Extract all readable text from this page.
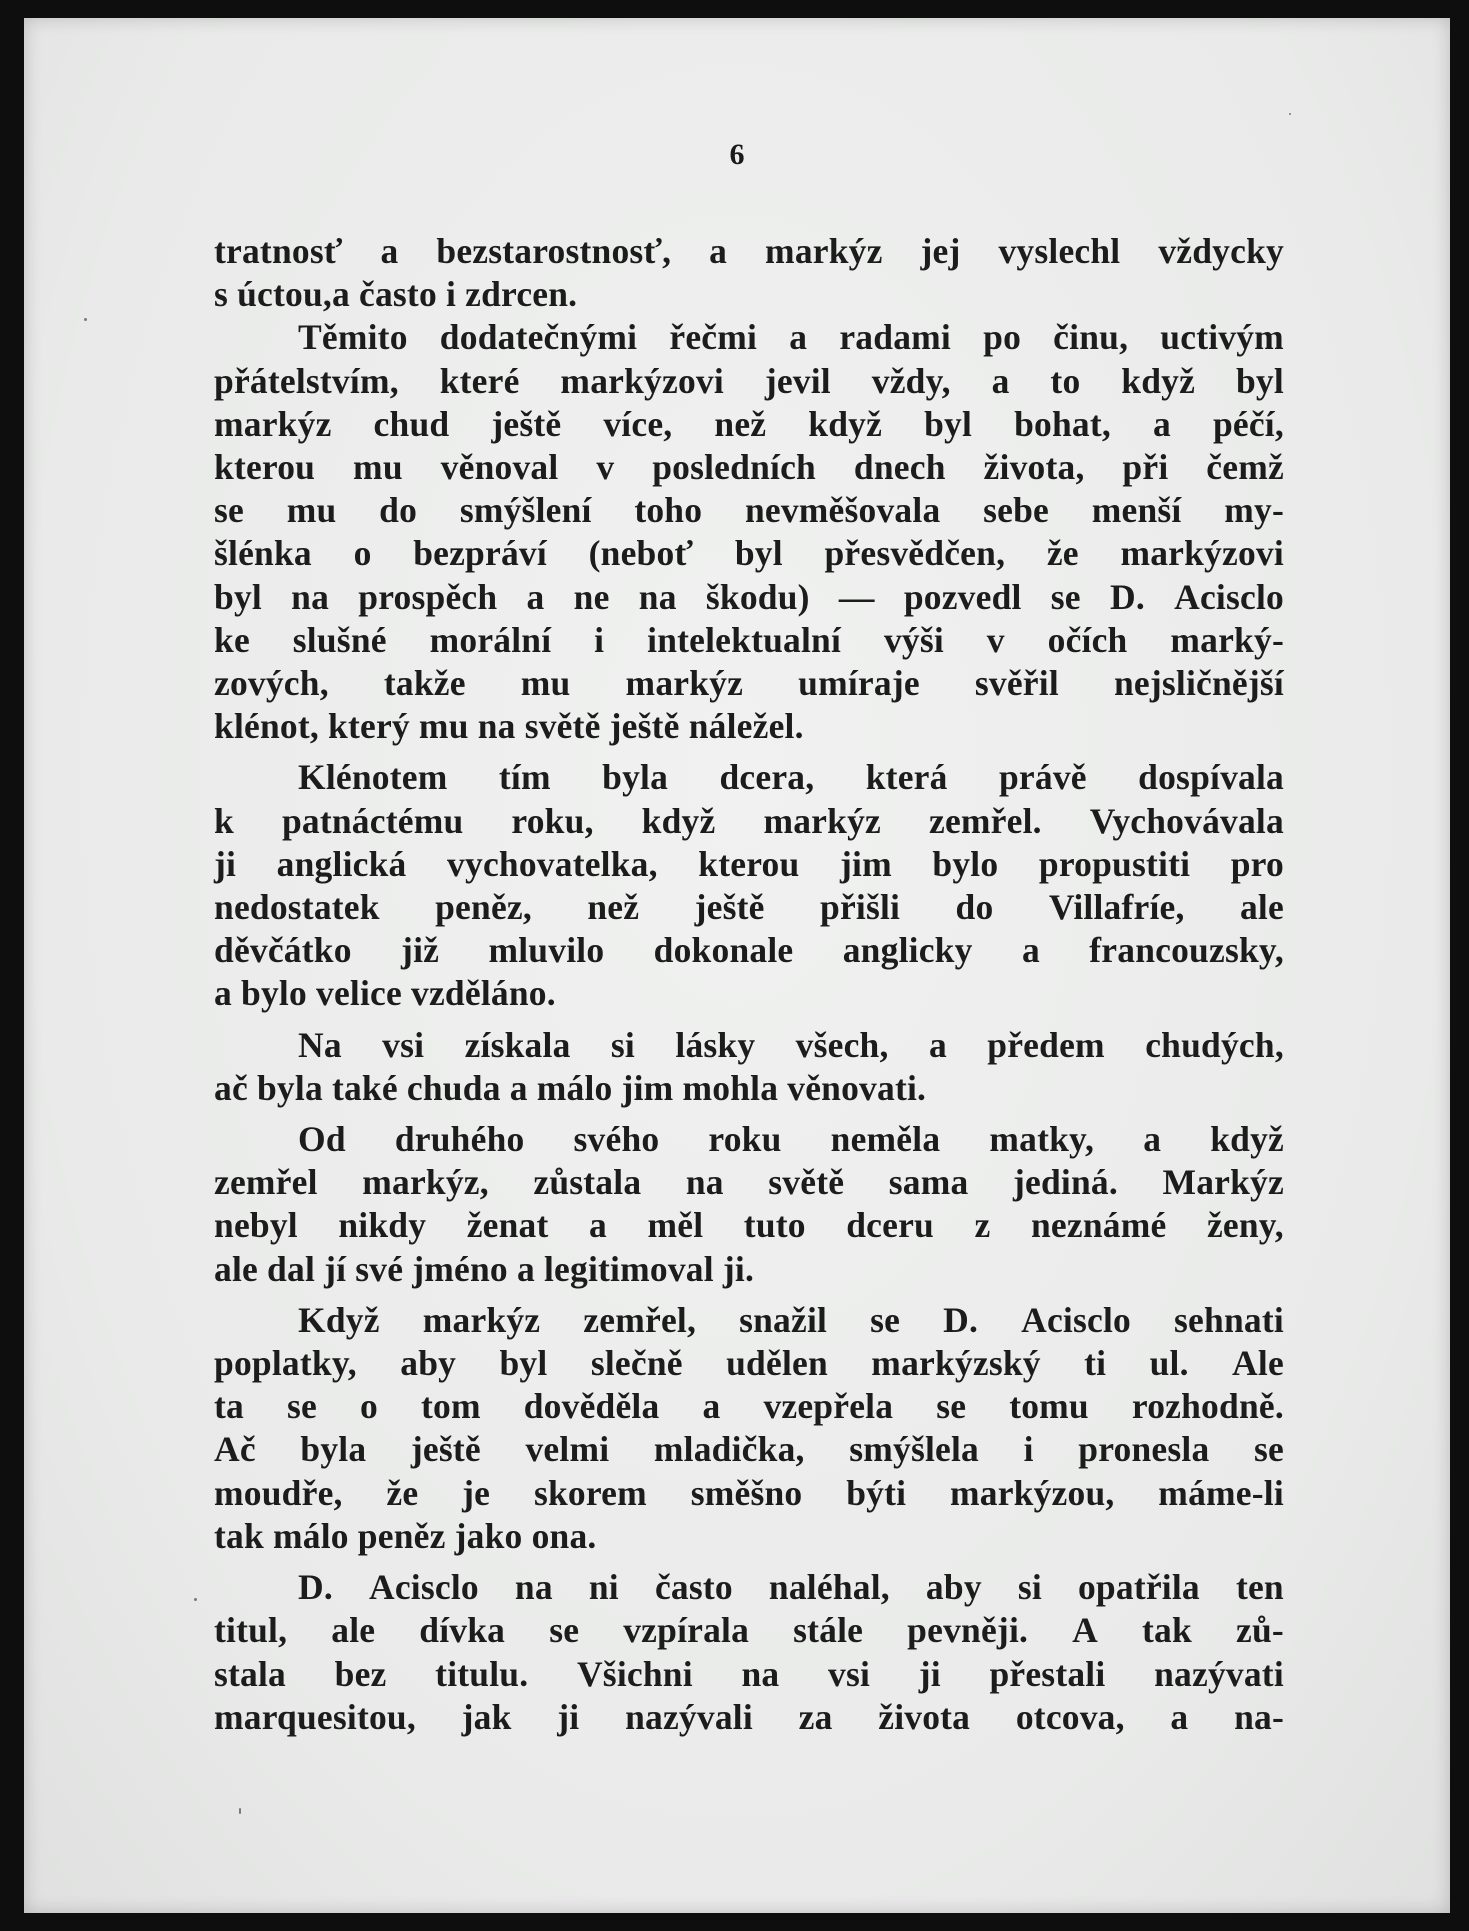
6
tratnosť a bezstarostnosť, a markýz jej vyslechl vždycky
s úctou,a často i zdrcen.
Těmito dodatečnými řečmi a radami po činu, uctivým
přátelstvím, které markýzovi jevil vždy, a to když byl
markýz chud ještě více, než když byl bohat, a péčí,
kterou mu věnoval v posledních dnech života, při čemž
se mu do smýšlení toho nevměšovala sebe menší my-
šlénka o bezpráví (neboť byl přesvědčen, že markýzovi
byl na prospěch a ne na škodu) — pozvedl se D. Acisclo
ke slušné morální i intelektualní výši v očích marký-
zových, takže mu markýz umíraje svěřil nejsličnější
klénot, který mu na světě ještě náležel.
Klénotem tím byla dcera, která právě dospívala
k patnáctému roku, když markýz zemřel. Vychovávala
ji anglická vychovatelka, kterou jim bylo propustiti pro
nedostatek peněz, než ještě přišli do Villafríe, ale
děvčátko již mluvilo dokonale anglicky a francouzsky,
a bylo velice vzděláno.
Na vsi získala si lásky všech, a předem chudých,
ač byla také chuda a málo jim mohla věnovati.
Od druhého svého roku neměla matky, a když
zemřel markýz, zůstala na světě sama jediná. Markýz
nebyl nikdy ženat a měl tuto dceru z neznámé ženy,
ale dal jí své jméno a legitimoval ji.
Když markýz zemřel, snažil se D. Acisclo sehnati
poplatky, aby byl slečně udělen markýzský ti ul. Ale
ta se o tom dověděla a vzepřela se tomu rozhodně.
Ač byla ještě velmi mladička, smýšlela i pronesla se
moudře, že je skorem směšno býti markýzou, máme-li
tak málo peněz jako ona.
D. Acisclo na ni často naléhal, aby si opatřila ten
titul, ale dívka se vzpírala stále pevněji. A tak zů-
stala bez titulu. Všichni na vsi ji přestali nazývati
marquesitou, jak ji nazývali za života otcova, a na-
